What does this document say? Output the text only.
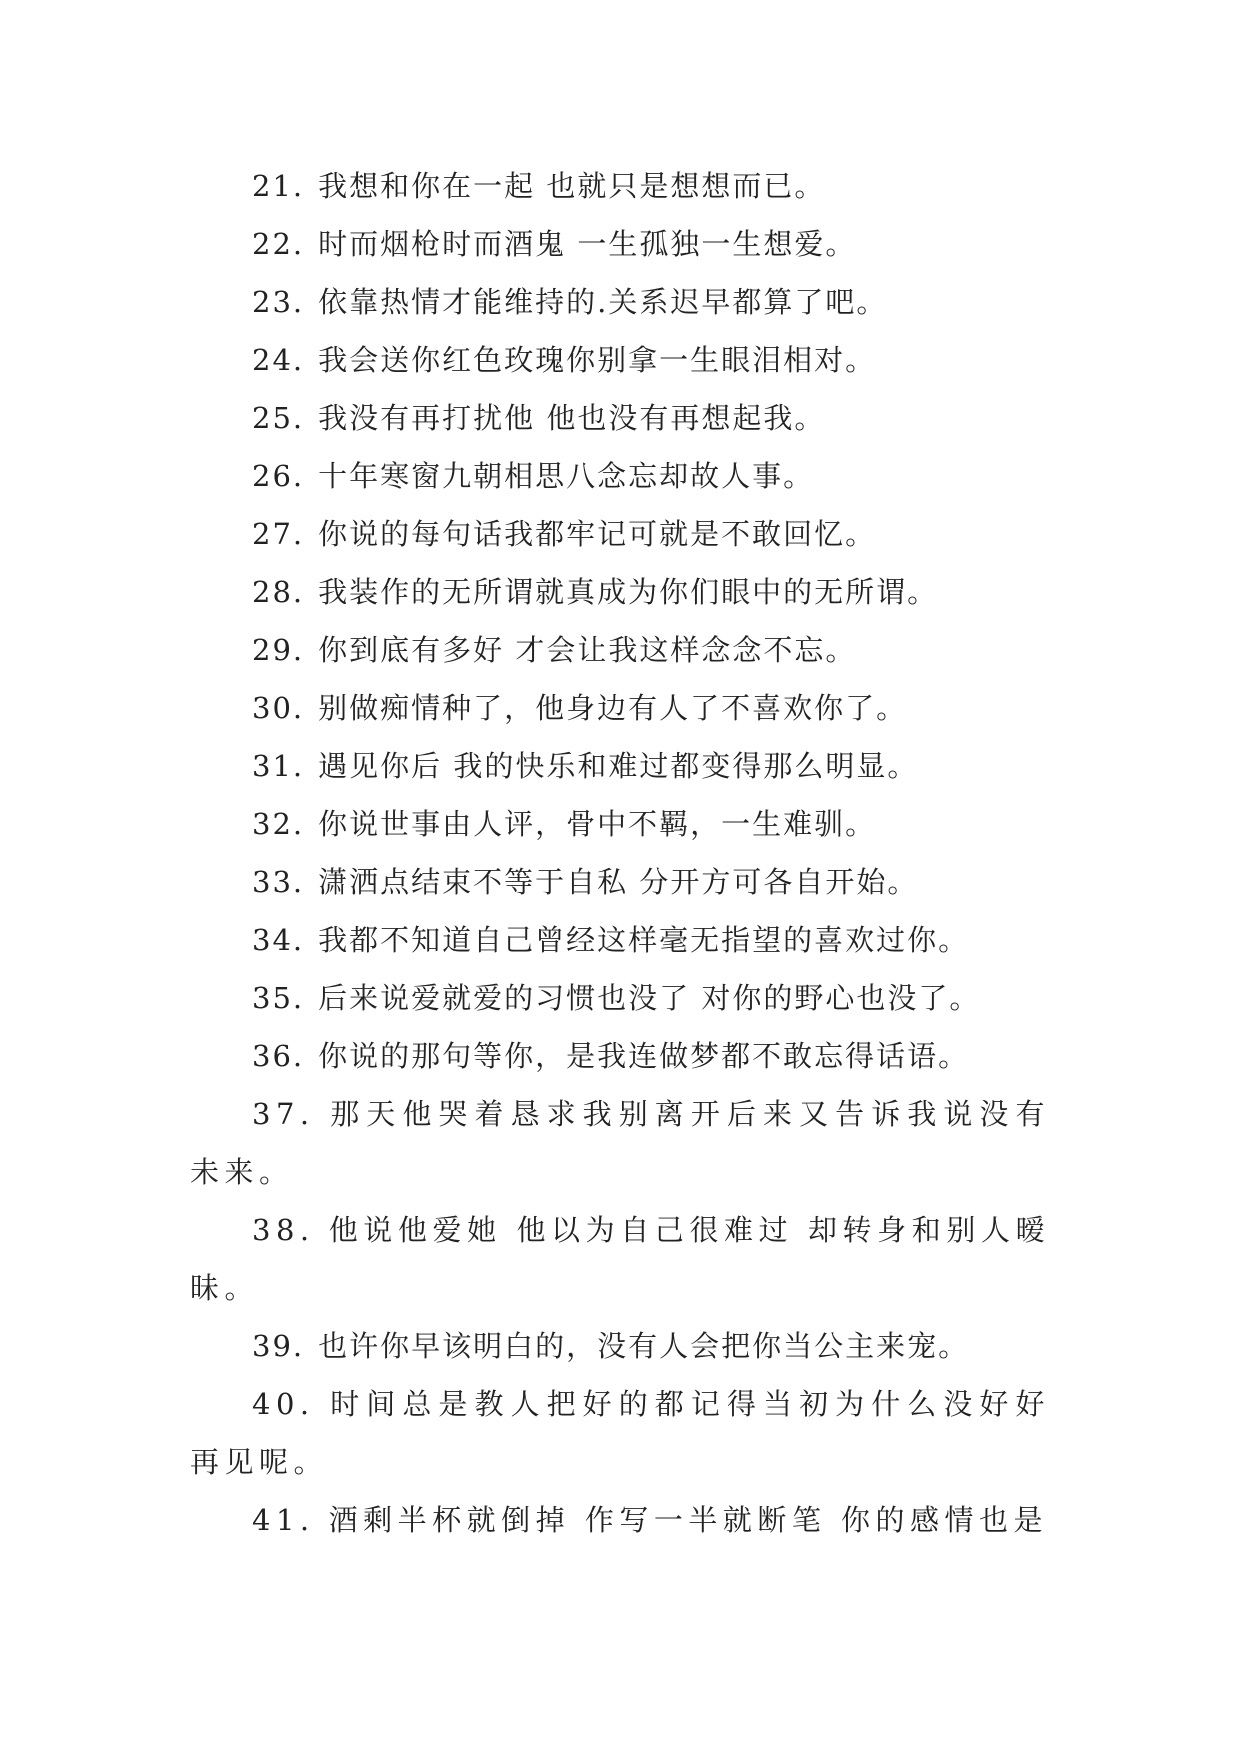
21. 我想和你在一起 也就只是想想而已。

22. 时而烟枪时而酒鬼 一生孤独一生想爱。

23. 依靠热情才能维持的.关系迟早都算了吧。

24. 我会送你红色玫瑰你别拿一生眼泪相对。

25. 我没有再打扰他 他也没有再想起我。

26. 十年寒窗九朝相思八念忘却故人事。

27. 你说的每句话我都牢记可就是不敢回忆。

28. 我装作的无所谓就真成为你们眼中的无所谓。

29. 你到底有多好 才会让我这样念念不忘。

30. 别做痴情种了，他身边有人了不喜欢你了。

31. 遇见你后 我的快乐和难过都变得那么明显。

32. 你说世事由人评，骨中不羁，一生难驯。

33. 潇洒点结束不等于自私 分开方可各自开始。

34. 我都不知道自己曾经这样毫无指望的喜欢过你。

35. 后来说爱就爱的习惯也没了 对你的野心也没了。

36. 你说的那句等你，是我连做梦都不敢忘得话语。

37. 那天他哭着恳求我别离开后来又告诉我说没有未来。

38. 他说他爱她 他以为自己很难过 却转身和别人暧昧。

39. 也许你早该明白的，没有人会把你当公主来宠。

40. 时间总是教人把好的都记得当初为什么没好好再见呢。

41. 酒剩半杯就倒掉 作写一半就断笔 你的感情也是
